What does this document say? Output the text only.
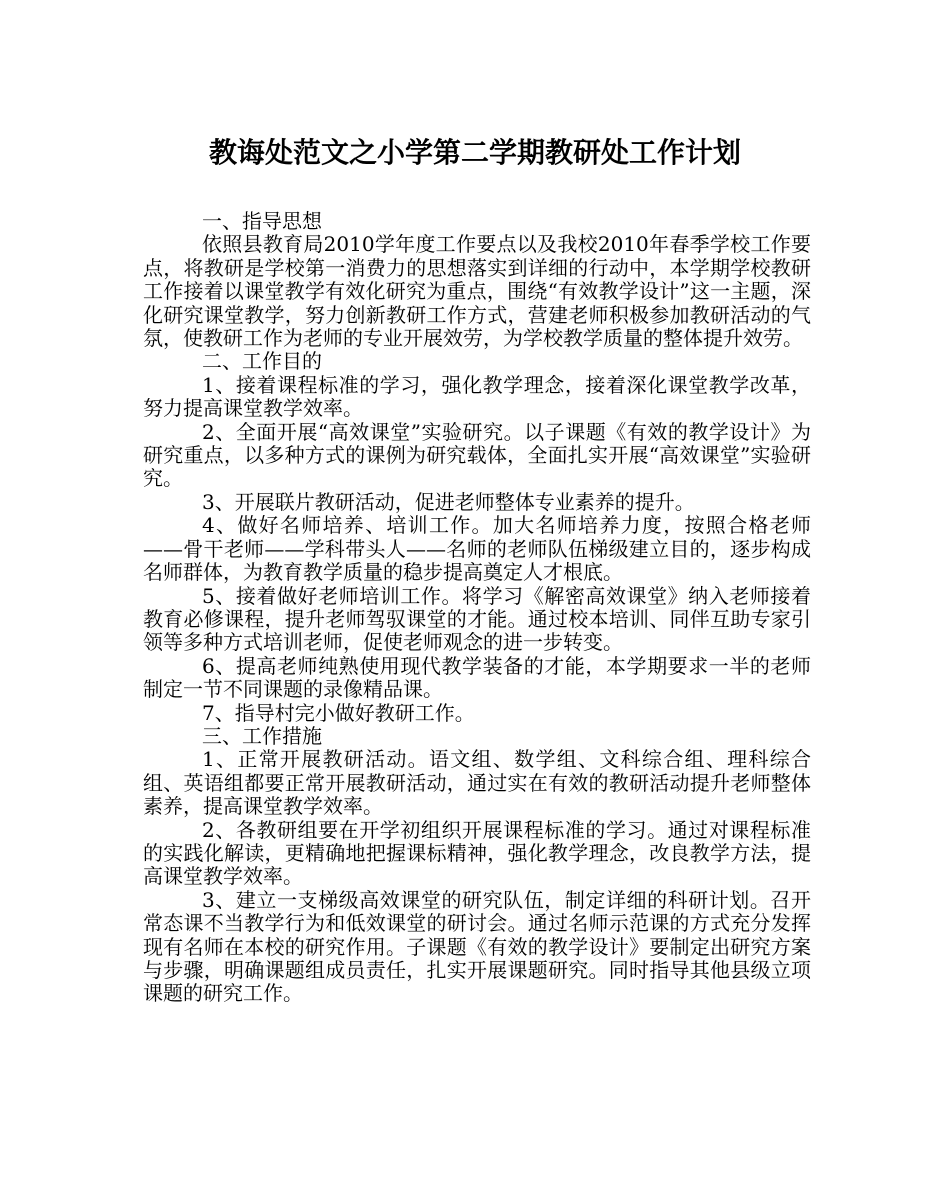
教诲处范文之小学第二学期教研处工作计划

一、指导思想

依照县教育局2010学年度工作要点以及我校2010年春季学校工作要点，将教研是学校第一消费力的思想落实到详细的行动中，本学期学校教研工作接着以课堂教学有效化研究为重点，围绕“有效教学设计”这一主题，深化研究课堂教学，努力创新教研工作方式，营建老师积极参加教研活动的气氛，使教研工作为老师的专业开展效劳，为学校教学质量的整体提升效劳。

二、工作目的

1、接着课程标准的学习，强化教学理念，接着深化课堂教学改革，努力提高课堂教学效率。

2、全面开展“高效课堂”实验研究。以子课题《有效的教学设计》为研究重点，以多种方式的课例为研究载体，全面扎实开展“高效课堂”实验研究。

3、开展联片教研活动，促进老师整体专业素养的提升。

4、做好名师培养、培训工作。加大名师培养力度，按照合格老师——骨干老师——学科带头人——名师的老师队伍梯级建立目的，逐步构成名师群体，为教育教学质量的稳步提高奠定人才根底。

5、接着做好老师培训工作。将学习《解密高效课堂》纳入老师接着教育必修课程，提升老师驾驭课堂的才能。通过校本培训、同伴互助专家引领等多种方式培训老师，促使老师观念的进一步转变。

6、提高老师纯熟使用现代教学装备的才能，本学期要求一半的老师制定一节不同课题的录像精品课。

7、指导村完小做好教研工作。

三、工作措施

1、正常开展教研活动。语文组、数学组、文科综合组、理科综合组、英语组都要正常开展教研活动，通过实在有效的教研活动提升老师整体素养，提高课堂教学效率。

2、各教研组要在开学初组织开展课程标准的学习。通过对课程标准的实践化解读，更精确地把握课标精神，强化教学理念，改良教学方法，提高课堂教学效率。

3、建立一支梯级高效课堂的研究队伍，制定详细的科研计划。召开常态课不当教学行为和低效课堂的研讨会。通过名师示范课的方式充分发挥现有名师在本校的研究作用。子课题《有效的教学设计》要制定出研究方案与步骤，明确课题组成员责任，扎实开展课题研究。同时指导其他县级立项课题的研究工作。
